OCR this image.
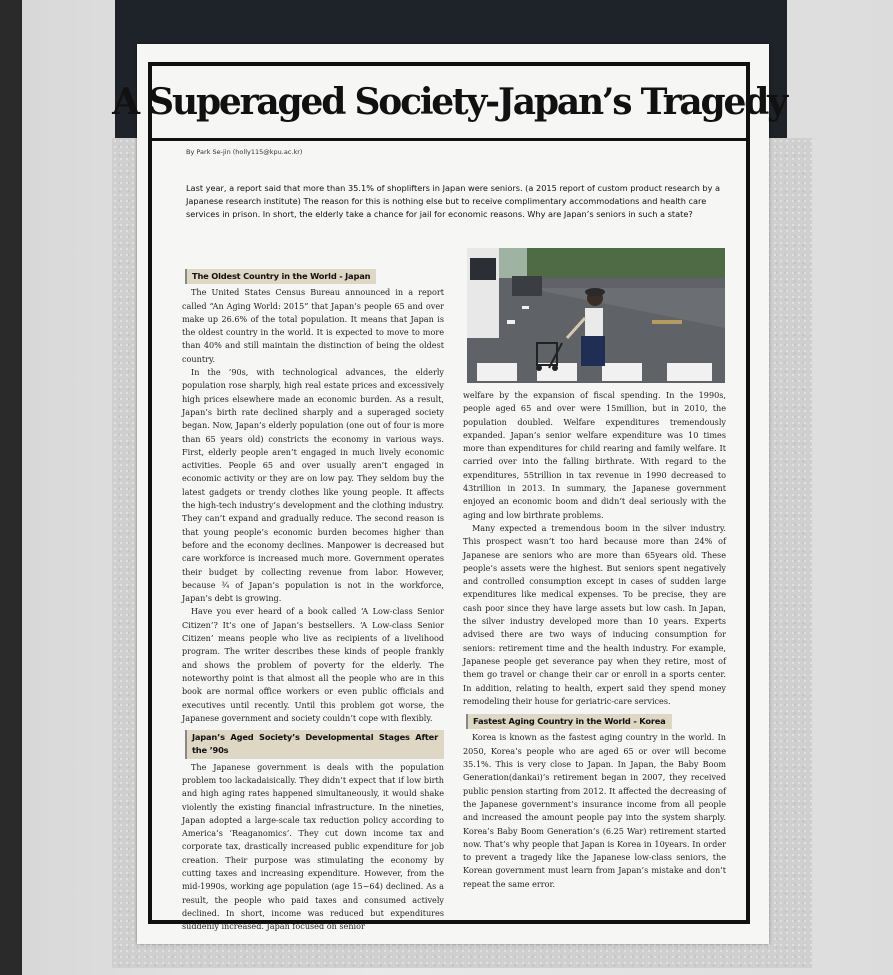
A Superaged Society-Japan’s Tragedy
By Park Se-jin (holly115@kpu.ac.kr)

Last year, a report said that more than 35.1% of shoplifters in Japan were seniors. (a 2015 report of custom product research by a Japanese research institute) The reason for this is nothing else but to receive complimentary accommodations and health care services in prison. In short, the elderly take a chance for jail for economic reasons. Why are Japan’s seniors in such a state?

The Oldest Country in the World - Japan

The United States Census Bureau announced in a report called “An Aging World: 2015” that Japan’s people 65 and over make up 26.6% of the total population. It means that Japan is the oldest country in the world. It is expected to move to more than 40% and still maintain the distinction of being the oldest country.

In the ’90s, with technological advances, the elderly population rose sharply, high real estate prices and excessively high prices elsewhere made an economic burden. As a result, Japan’s birth rate declined sharply and a superaged society began. Now, Japan’s elderly population (one out of four is more than 65 years old) constricts the economy in various ways. First, elderly people aren’t engaged in much lively economic activities. People 65 and over usually aren’t engaged in economic activity or they are on low pay. They seldom buy the latest gadgets or trendy clothes like young people. It affects the high-tech industry’s development and the clothing industry. They can’t expand and gradually reduce. The second reason is that young people’s economic burden becomes higher than before and the economy declines. Manpower is decreased but care workforce is increased much more. Government operates their budget by collecting revenue from labor. However, because ¾ of Japan’s population is not in the workforce, Japan’s debt is growing.

Have you ever heard of a book called ‘A Low-class Senior Citizen’? It’s one of Japan’s bestsellers. ‘A Low-class Senior Citizen’ means people who live as recipients of a livelihood program. The writer describes these kinds of people frankly and shows the problem of poverty for the elderly. The noteworthy point is that almost all the people who are in this book are normal office workers or even public officials and executives until recently. Until this problem got worse, the Japanese government and society couldn’t cope with flexibly.

Japan’s Aged Society’s Developmental Stages After the ’90s

The Japanese government is deals with the population problem too lackadaisically. They didn’t expect that if low birth and high aging rates happened simultaneously, it would shake violently the existing financial infrastructure. In the nineties, Japan adopted a large-scale tax reduction policy according to America’s ‘Reaganomics’. They cut down income tax and corporate tax, drastically increased public expenditure for job creation. Their purpose was stimulating the economy by cutting taxes and increasing expenditure. However, from the mid-1990s, working age population (age 15~64) declined. As a result, the people who paid taxes and consumed actively declined. In short, income was reduced but expenditures suddenly increased. Japan focused on senior

welfare by the expansion of fiscal spending. In the 1990s, people aged 65 and over were 15million, but in 2010, the population doubled. Welfare expenditures tremendously expanded. Japan’s senior welfare expenditure was 10 times more than expenditures for child rearing and family welfare. It carried over into the falling birthrate. With regard to the expenditures, 55trillion in tax revenue in 1990 decreased to 43trillion in 2013. In summary, the Japanese government enjoyed an economic boom and didn’t deal seriously with the aging and low birthrate problems.

Many expected a tremendous boom in the silver industry. This prospect wasn’t too hard because more than 24% of Japanese are seniors who are more than 65years old. These people’s assets were the highest. But seniors spent negatively and controlled consumption except in cases of sudden large expenditures like medical expenses. To be precise, they are cash poor since they have large assets but low cash. In Japan, the silver industry developed more than 10 years. Experts advised there are two ways of inducing consumption for seniors: retirement time and the health industry. For example, Japanese people get severance pay when they retire, most of them go travel or change their car or enroll in a sports center. In addition, relating to health, expert said they spend money remodeling their house for geriatric-care services.

Fastest Aging Country in the World - Korea

Korea is known as the fastest aging country in the world. In 2050, Korea’s people who are aged 65 or over will become 35.1%. This is very close to Japan. In Japan, the Baby Boom Generation(dankai)’s retirement began in 2007, they received public pension starting from 2012. It affected the decreasing of the Japanese government’s insurance income from all people and increased the amount people pay into the system sharply. Korea’s Baby Boom Generation’s (6.25 War) retirement started now. That’s why people that Japan is Korea in 10years. In order to prevent a tragedy like the Japanese low-class seniors, the Korean government must learn from Japan’s mistake and don’t repeat the same error.
